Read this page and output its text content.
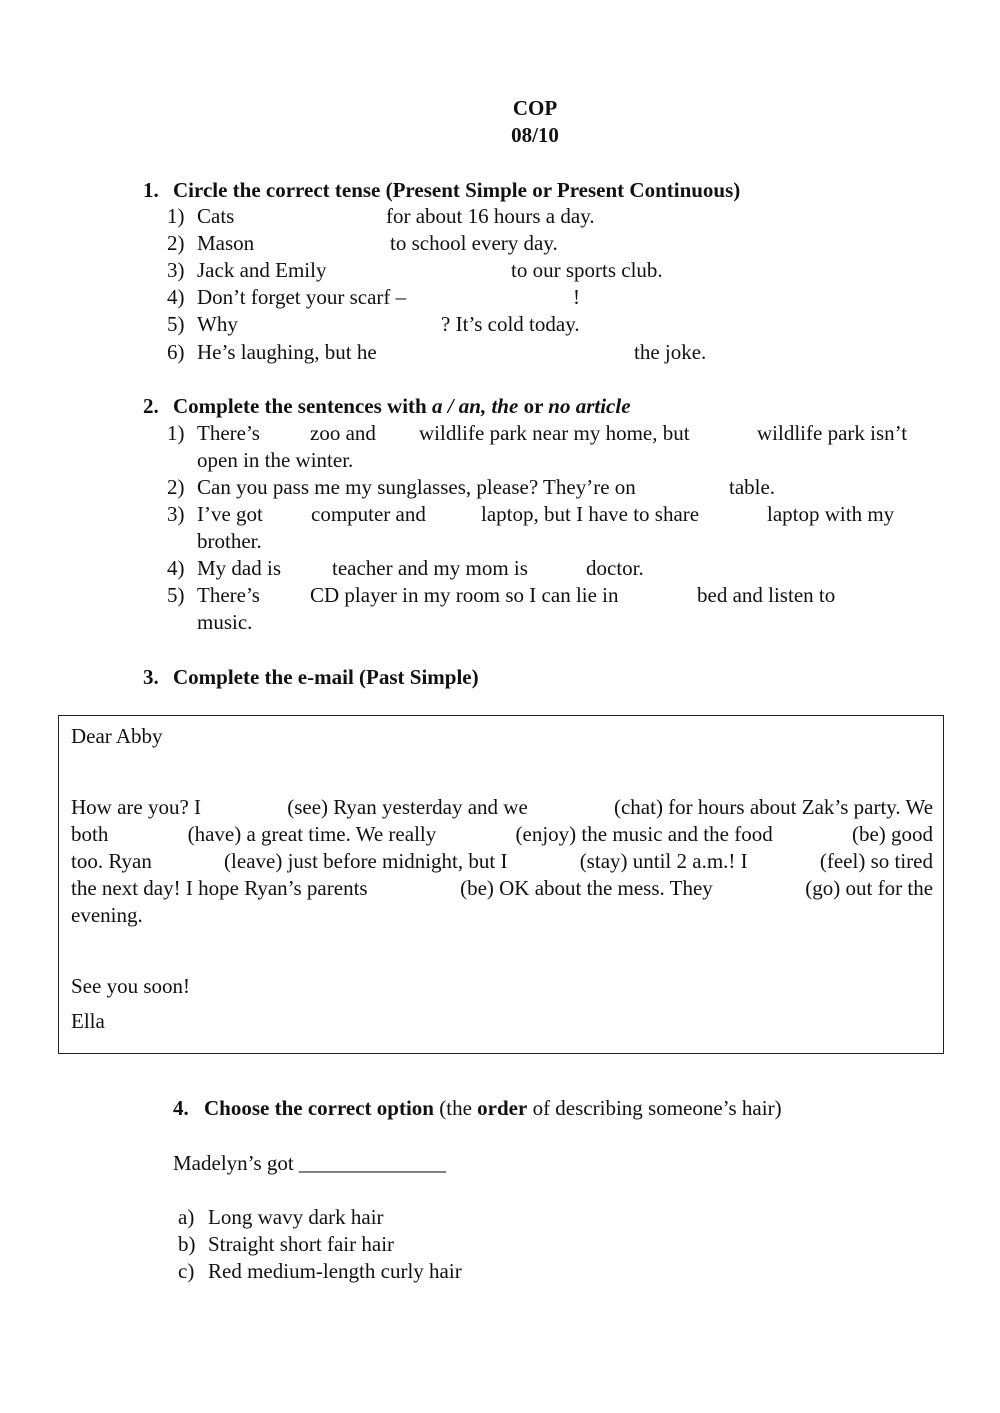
COP
08/10
1. Circle the correct tense (Present Simple or Present Continuous)
1) Cats	for about 16 hours a day.
2) Mason	to school every day.
3) Jack and Emily	to our sports club.
4) Don’t forget your scarf –	!
5) Why	? It’s cold today.
6) He’s laughing, but he	the joke.
2. Complete the sentences with a / an, the or no article
1) There’s zoo and wildlife park near my home, but	wildlife park isn’t
open in the winter.
2) Can you pass me my sunglasses, please? They’re on	table.
3) I’ve got computer and	laptop, but I have to share	laptop with my
brother.
4) My dad is teacher and my mom is	doctor.
5) There’s CD player in my room so I can lie in	bed and listen to
music.
3. Complete the e-mail (Past Simple)
Dear Abby
How are you? I	(see) Ryan yesterday and we	(chat) for hours about Zak’s party. We
both	(have) a great time. We really	(enjoy) the music and the food	(be) good
too. Ryan	(leave) just before midnight, but I	(stay) until 2 a.m.! I	(feel) so tired
the next day! I hope Ryan’s parents	(be) OK about the mess. They	(go) out for the
evening.
See you soon!
Ella
4. Choose the correct option (the order of describing someone’s hair)
Madelyn’s got ______________
a) Long wavy dark hair
b) Straight short fair hair
c) Red medium-length curly hair
